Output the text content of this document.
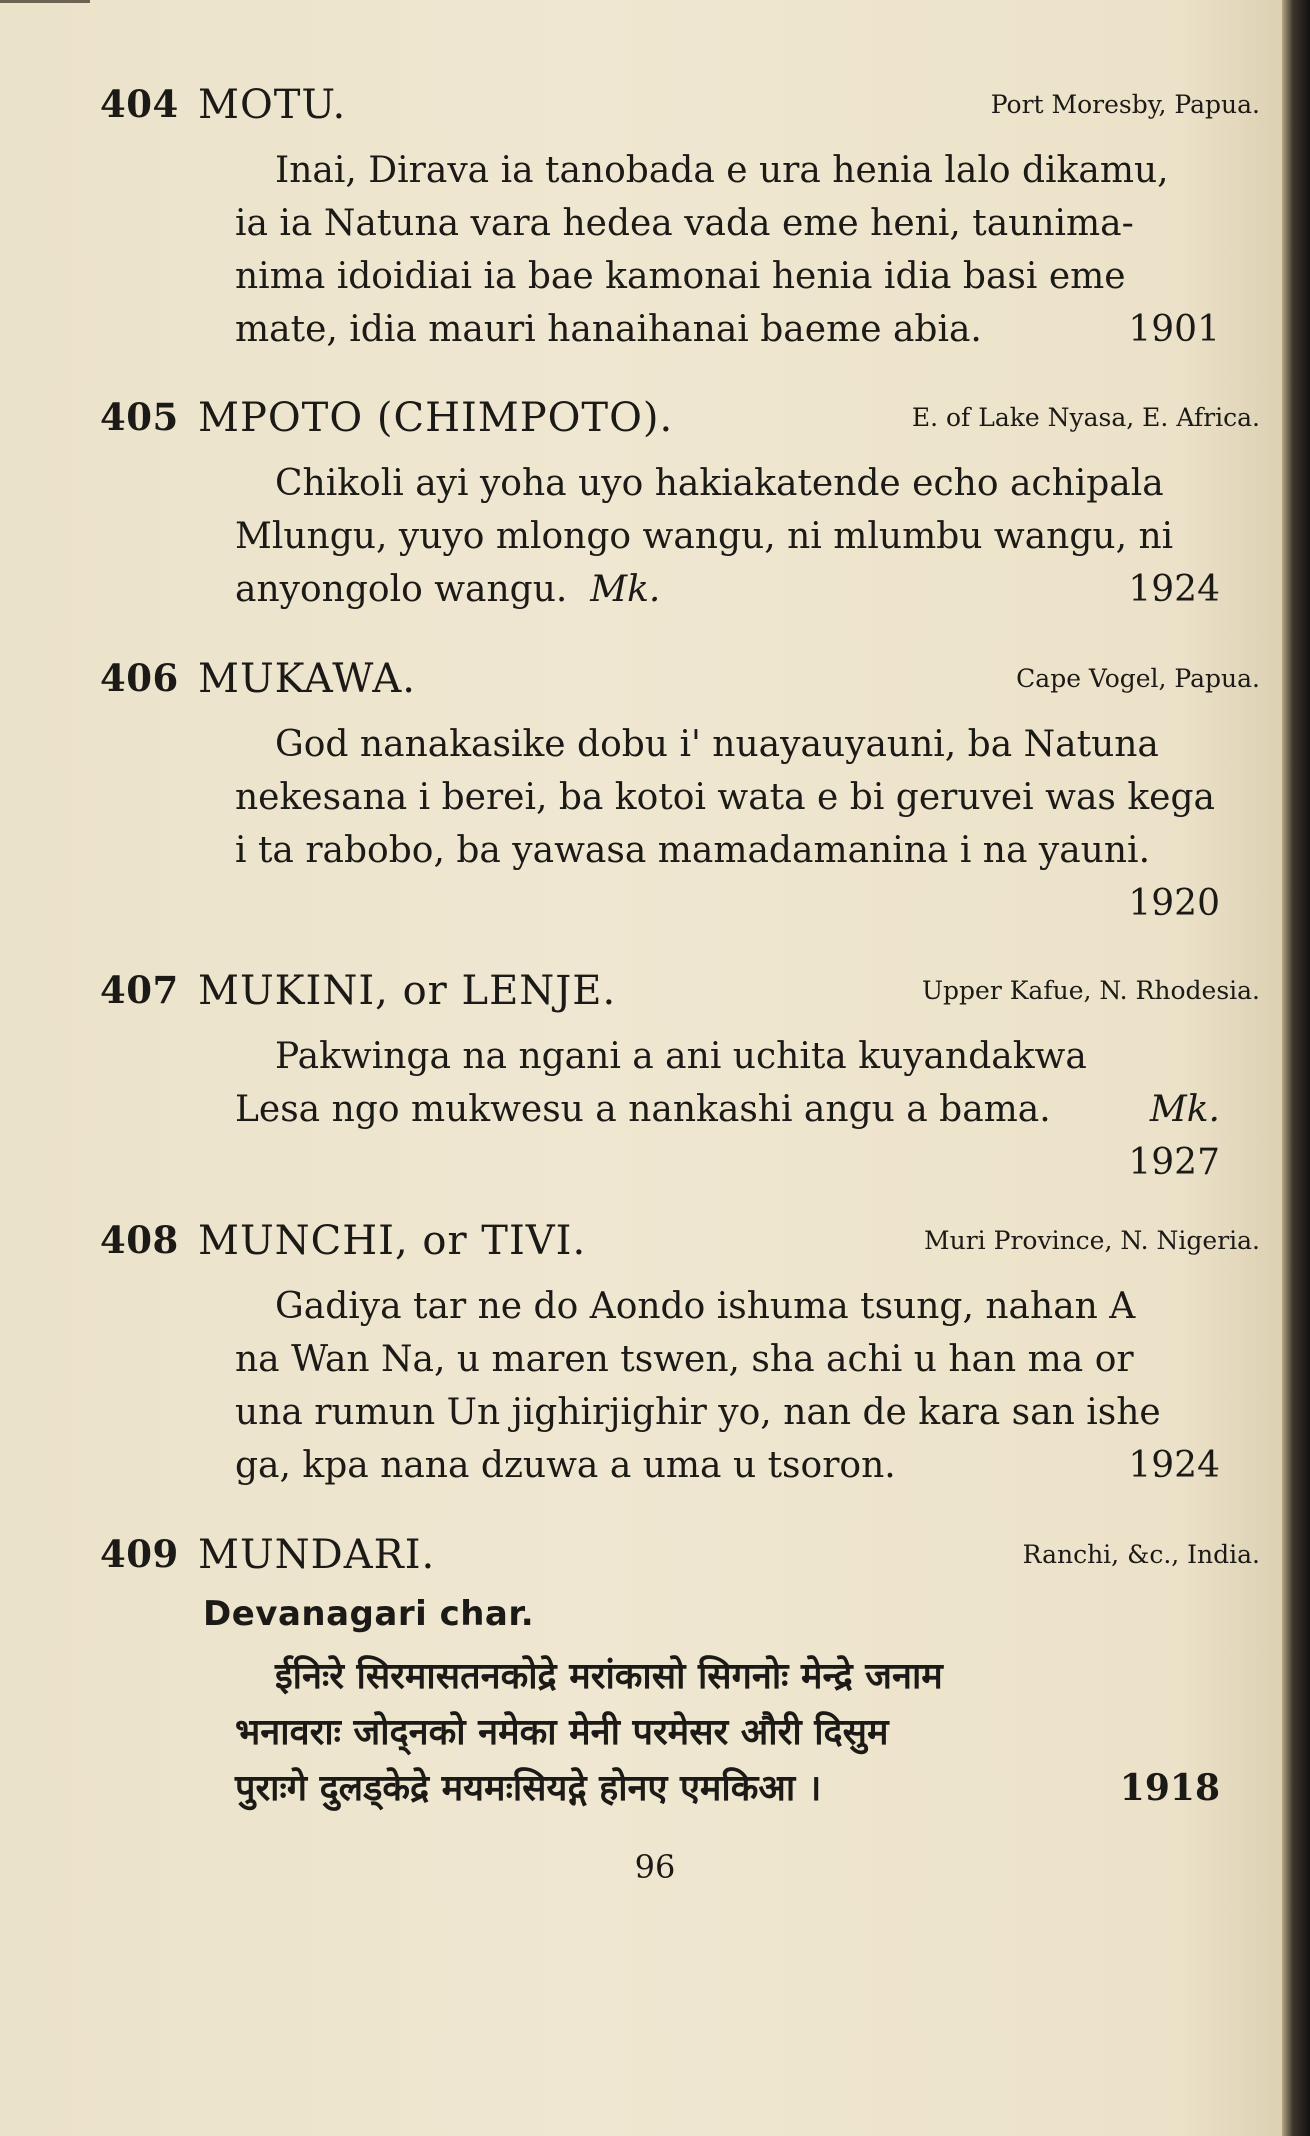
404 MOTU.	Port Moresby, Papua.
Inai, Dirava ia tanobada e ura henia lalo dikamu,
ia ia Natuna vara hedea vada eme heni, taunima-
nima idoidiai ia bae kamonai henia idia basi eme
mate, idia mauri hanaihanai baeme abia.	1901
405 MPOTO (CHIMPOTO).	E. of Lake Nyasa, E. Africa.
Chikoli ayi yoha uyo hakiakatende echo achipala
Mlungu, yuyo mlongo wangu, ni mlumbu wangu, ni
anyongolo wangu. Mk.	1924
406 MUKAWA.	Cape Vogel, Papua.
God nanakasike dobu i' nuayauyauni, ba Natuna
nekesana i berei, ba kotoi wata e bi geruvei was kega
i ta rabobo, ba yawasa mamadamanina i na yauni.
1920
407 MUKINI, or LENJE.	Upper Kafue, N. Rhodesia.
Pakwinga na ngani a ani uchita kuyandakwa
Lesa ngo mukwesu a nankashi angu a bama.	Mk.
1927
408 MUNCHI, or TIVI.	Muri Province, N. Nigeria.
Gadiya tar ne do Aondo ishuma tsung, nahan A
na Wan Na, u maren tswen, sha achi u han ma or
una rumun Un jighirjighir yo, nan de kara san ishe
ga, kpa nana dzuwa a uma u tsoron.	1924
409 MUNDARI.	Ranchi, &c., India.
Devanagari char.
ईनिःरे सिरमासतनकोद्रे मरांकासो सिगनोः मेन्द्रे जनाम
भनावराः जोद्नको नमेका मेनी परमेसर औरी दिसुम
पुराःगे दुलड्केद्रे मयमःसियद्गे होनए एमकिआ ।	1918
96
